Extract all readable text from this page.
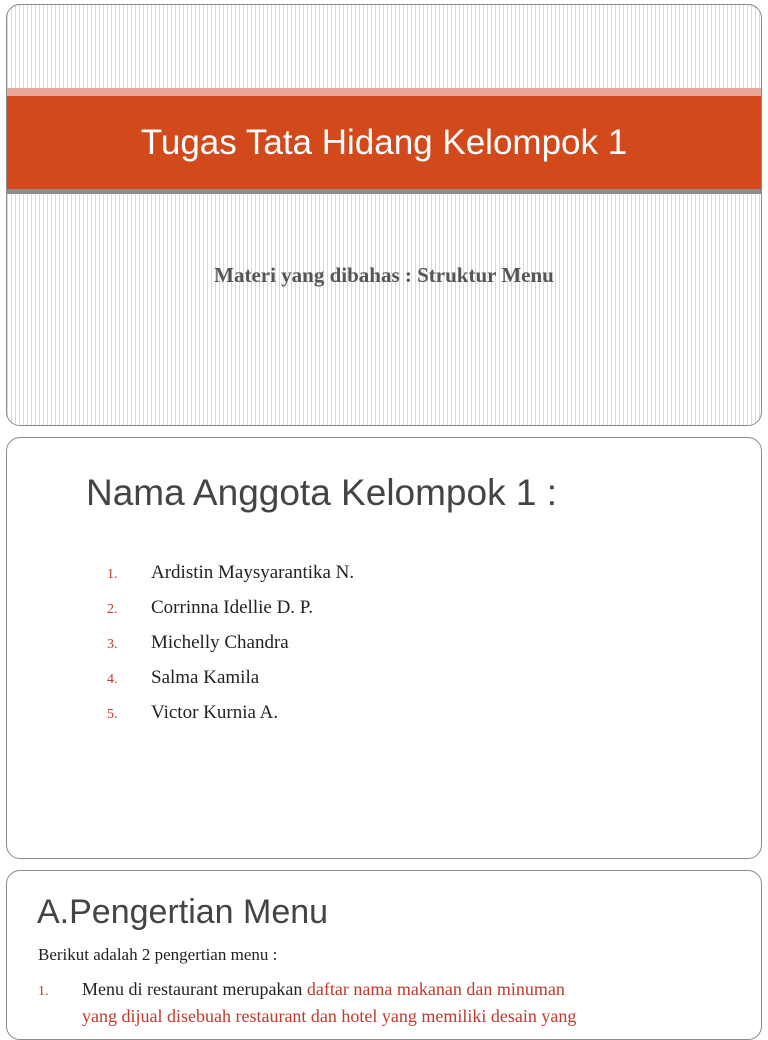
Tugas Tata Hidang Kelompok 1
Materi yang dibahas : Struktur Menu
Nama Anggota Kelompok 1 :
1.	Ardistin Maysyarantika N.
2.	Corrinna Idellie D. P.
3.	Michelly Chandra
4.	Salma Kamila
5.	Victor Kurnia A.
A.Pengertian Menu
Berikut adalah 2 pengertian menu :
1. Menu di restaurant merupakan daftar nama makanan dan minuman
yang dijual disebuah restaurant dan hotel yang memiliki desain yang
